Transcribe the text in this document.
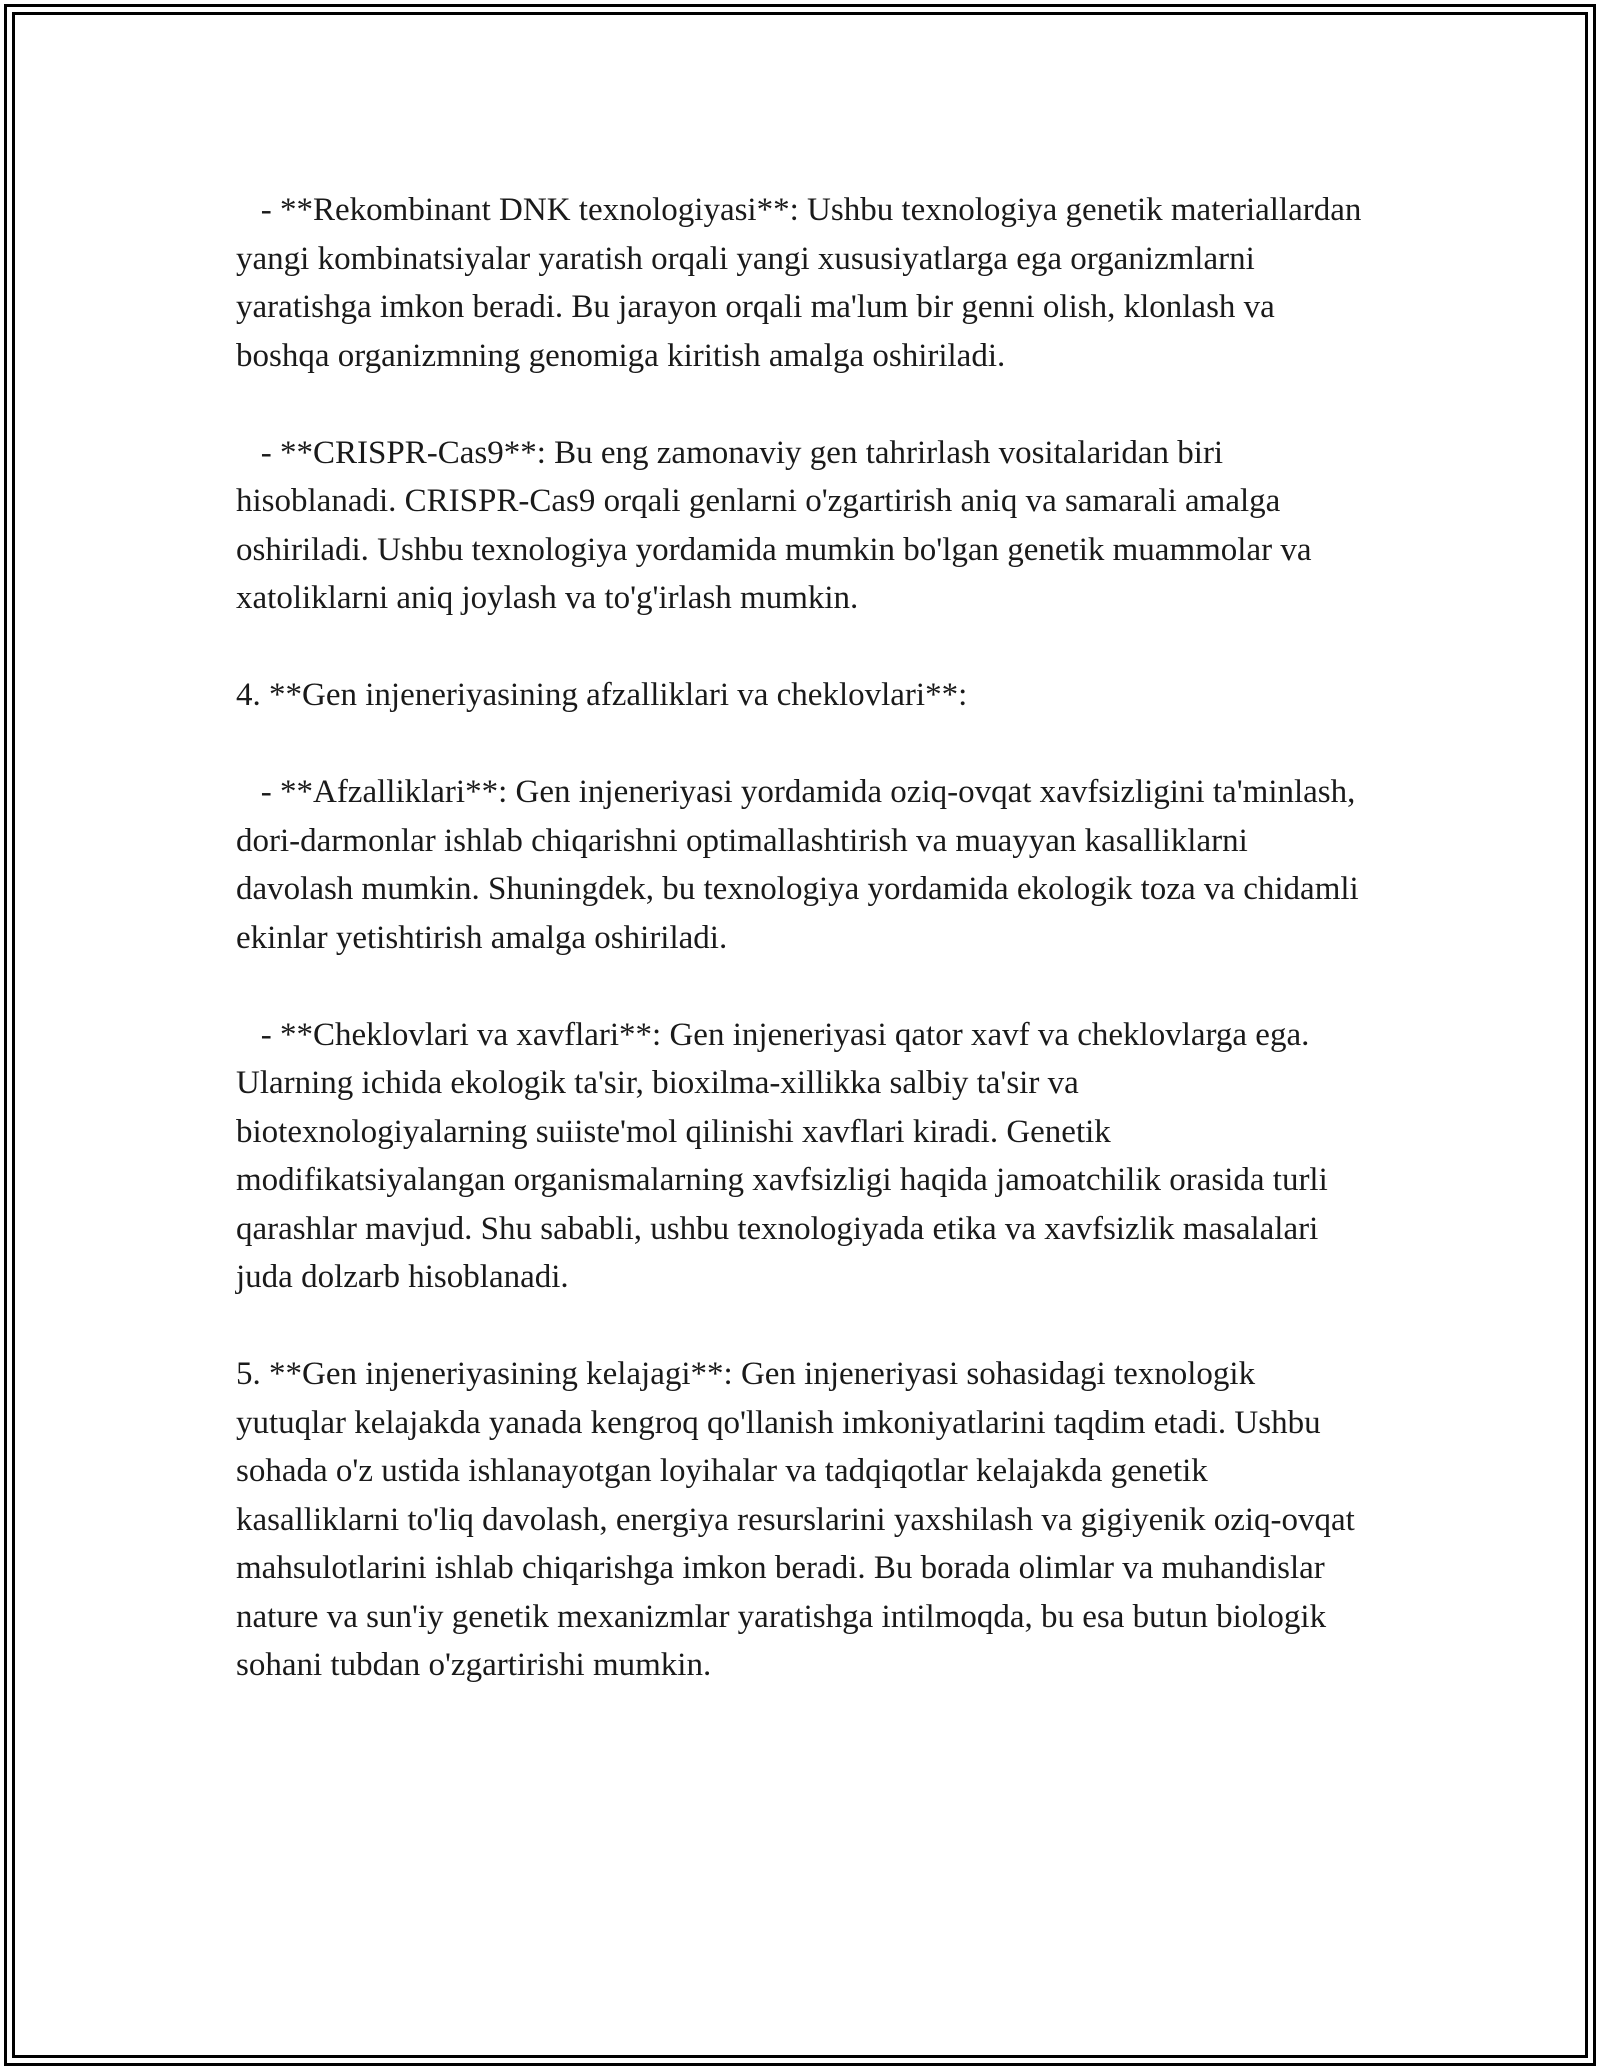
- **Rekombinant DNK texnologiyasi**: Ushbu texnologiya genetik materiallardan yangi kombinatsiyalar yaratish orqali yangi xususiyatlarga ega organizmlarni yaratishga imkon beradi. Bu jarayon orqali ma'lum bir genni olish, klonlash va boshqa organizmning genomiga kiritish amalga oshiriladi.

- **CRISPR-Cas9**: Bu eng zamonaviy gen tahrirlash vositalaridan biri hisoblanadi. CRISPR-Cas9 orqali genlarni o'zgartirish aniq va samarali amalga oshiriladi. Ushbu texnologiya yordamida mumkin bo'lgan genetik muammolar va xatoliklarni aniq joylash va to'g'irlash mumkin.

4. **Gen injeneriyasining afzalliklari va cheklovlari**:

- **Afzalliklari**: Gen injeneriyasi yordamida oziq-ovqat xavfsizligini ta'minlash, dori-darmonlar ishlab chiqarishni optimallashtirish va muayyan kasalliklarni davolash mumkin. Shuningdek, bu texnologiya yordamida ekologik toza va chidamli ekinlar yetishtirish amalga oshiriladi.

- **Cheklovlari va xavflari**: Gen injeneriyasi qator xavf va cheklovlarga ega. Ularning ichida ekologik ta'sir, bioxilma-xillikka salbiy ta'sir va biotexnologiyalarning suiiste'mol qilinishi xavflari kiradi. Genetik modifikatsiyalangan organismalarning xavfsizligi haqida jamoatchilik orasida turli qarashlar mavjud. Shu sababli, ushbu texnologiyada etika va xavfsizlik masalalari juda dolzarb hisoblanadi.

5. **Gen injeneriyasining kelajagi**: Gen injeneriyasi sohasidagi texnologik yutuqlar kelajakda yanada kengroq qo'llanish imkoniyatlarini taqdim etadi. Ushbu sohada o'z ustida ishlanayotgan loyihalar va tadqiqotlar kelajakda genetik kasalliklarni to'liq davolash, energiya resurslarini yaxshilash va gigiyenik oziq-ovqat mahsulotlarini ishlab chiqarishga imkon beradi. Bu borada olimlar va muhandislar nature va sun'iy genetik mexanizmlar yaratishga intilmoqda, bu esa butun biologik sohani tubdan o'zgartirishi mumkin.
